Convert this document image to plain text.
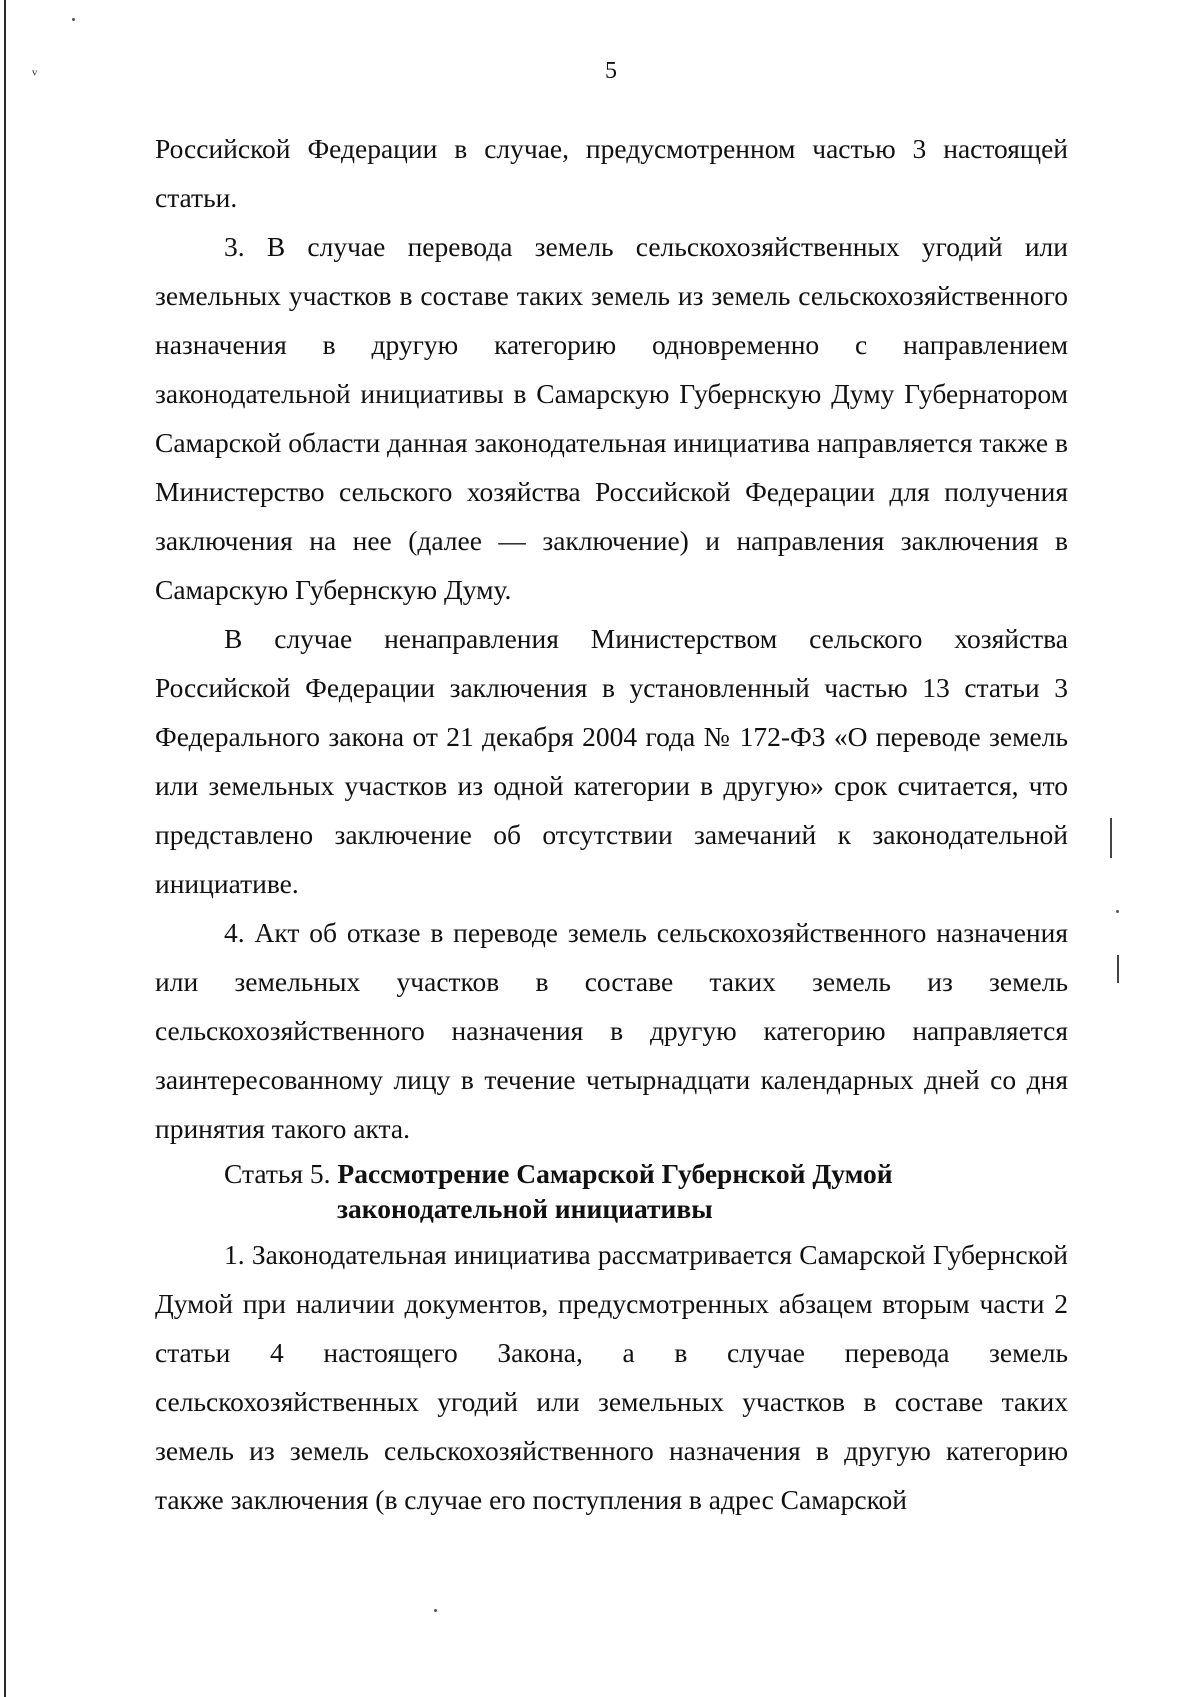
ᵥ	5

Российской Федерации в случае, предусмотренном частью 3 настоящей статьи.

3. В случае перевода земель сельскохозяйственных угодий или земельных участков в составе таких земель из земель сельскохозяйственного назначения в другую категорию одновременно с направлением законодательной инициативы в Самарскую Губернскую Думу Губернатором Самарской области данная законодательная инициатива направляется также в Министерство сельского хозяйства Российской Федерации для получения заключения на нее (далее — заключение) и направления заключения в Самарскую Губернскую Думу.

В случае ненаправления Министерством сельского хозяйства Российской Федерации заключения в установленный частью 13 статьи 3 Федерального закона от 21 декабря 2004 года № 172-ФЗ «О переводе земель или земельных участков из одной категории в другую» срок считается, что представлено заключение об отсутствии замечаний к законодательной инициативе.

4. Акт об отказе в переводе земель сельскохозяйственного назначения или земельных участков в составе таких земель из земель сельскохозяйственного назначения в другую категорию направляется заинтересованному лицу в течение четырнадцати календарных дней со дня принятия такого акта.

Статья 5. Рассмотрение Самарской Губернской Думой
законодательной инициативы

1. Законодательная инициатива рассматривается Самарской Губернской Думой при наличии документов, предусмотренных абзацем вторым части 2 статьи 4 настоящего Закона, а в случае перевода земель сельскохозяйственных угодий или земельных участков в составе таких земель из земель сельскохозяйственного назначения в другую категорию также заключения (в случае его поступления в адрес Самарской
